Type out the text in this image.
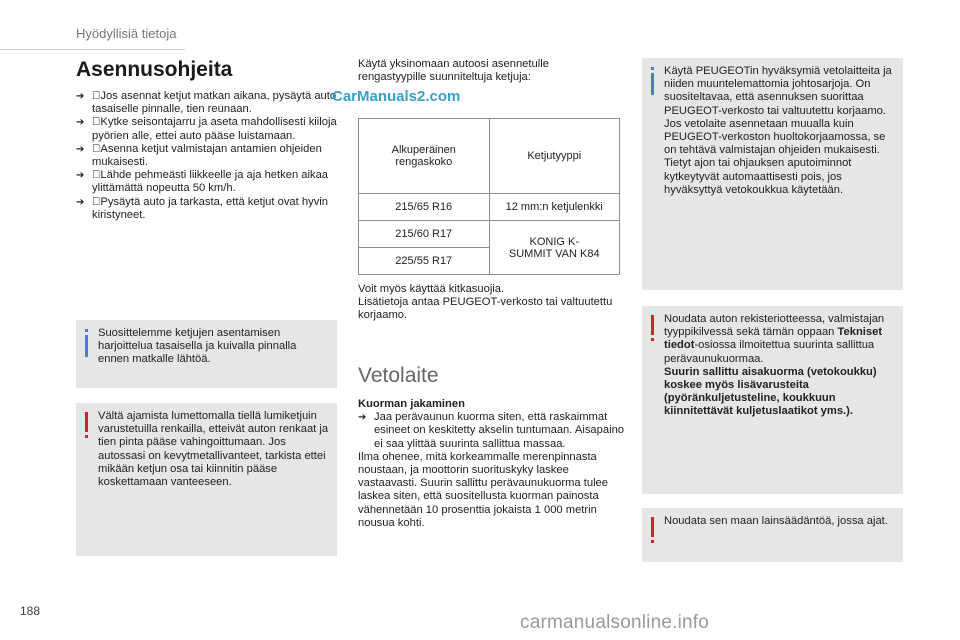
Hyödyllisiä tietoja
Asennusohjeita
➔ Jos asennat ketjut matkan aikana, pysäytä auto tasaiselle pinnalle, tien reunaan.
➔ Kytke seisontajarru ja aseta mahdollisesti kiiloja pyörien alle, ettei auto pääse luistamaan.
➔ Asenna ketjut valmistajan antamien ohjeiden mukaisesti.
➔ Lähde pehmeästi liikkeelle ja aja hetken aikaa ylittämättä nopeutta 50 km/h.
➔ Pysäytä auto ja tarkasta, että ketjut ovat hyvin kiristyneet.
CarManuals2.com
Suosittelemme ketjujen asentamisen harjoittelua tasaisella ja kuivalla pinnalla ennen matkalle lähtöä.
Vältä ajamista lumettomalla tiellä lumiketjuin varustetuilla renkailla, etteivät auton renkaat ja tien pinta pääse vahingoittumaan. Jos autossasi on kevytmetallivanteet, tarkista ettei mikään ketjun osa tai kiinnitin pääse koskettamaan vanteeseen.
Käytä yksinomaan autoosi asennetulle rengastyypille suunniteltuja ketjuja:
Alkuperäinen rengaskoko	Ketjutyyppi
215/65 R16	12 mm:n ketjulenkki
215/60 R17	KONIG K-SUMMIT VAN K84
225/55 R17	
Voit myös käyttää kitkasuojia.
Lisätietoja antaa PEUGEOT-verkosto tai valtuutettu korjaamo.
Vetolaite
Kuorman jakaminen
➔ Jaa perävaunun kuorma siten, että raskaimmat esineet on keskitetty akselin tuntumaan. Aisapaino ei saa ylittää suurinta sallittua massaa.
Ilma ohenee, mitä korkeammalle merenpinnasta noustaan, ja moottorin suorituskyky laskee vastaavasti. Suurin sallittu perävaunukuorma tulee laskea siten, että suositellusta kuorman painosta vähennetään 10 prosenttia jokaista 1 000 metrin nousua kohti.
Käytä PEUGEOTin hyväksymiä vetolaitteita ja niiden muuntelemattomia johtosarjoja. On suositeltavaa, että asennuksen suorittaa PEUGEOT-verkosto tai valtuutettu korjaamo.
Jos vetolaite asennetaan muualla kuin PEUGEOT-verkoston huoltokorjaamossa, se on tehtävä valmistajan ohjeiden mukaisesti.
Tietyt ajon tai ohjauksen aputoiminnot kytkeytyvät automaattisesti pois, jos hyväksyttyä vetokoukkua käytetään.
Noudata auton rekisteriotteessa, valmistajan tyyppikilvessä sekä tämän oppaan Tekniset tiedot-osiossa ilmoitettua suurinta sallittua perävaunukuormaa.
Suurin sallittu aisakuorma (vetokoukku) koskee myös lisävarusteita (pyöränkuljetusteline, koukkuun kiinnitettävät kuljetuslaatikot yms.).
Noudata sen maan lainsäädäntöä, jossa ajat.
188
carmanualsonline.info
